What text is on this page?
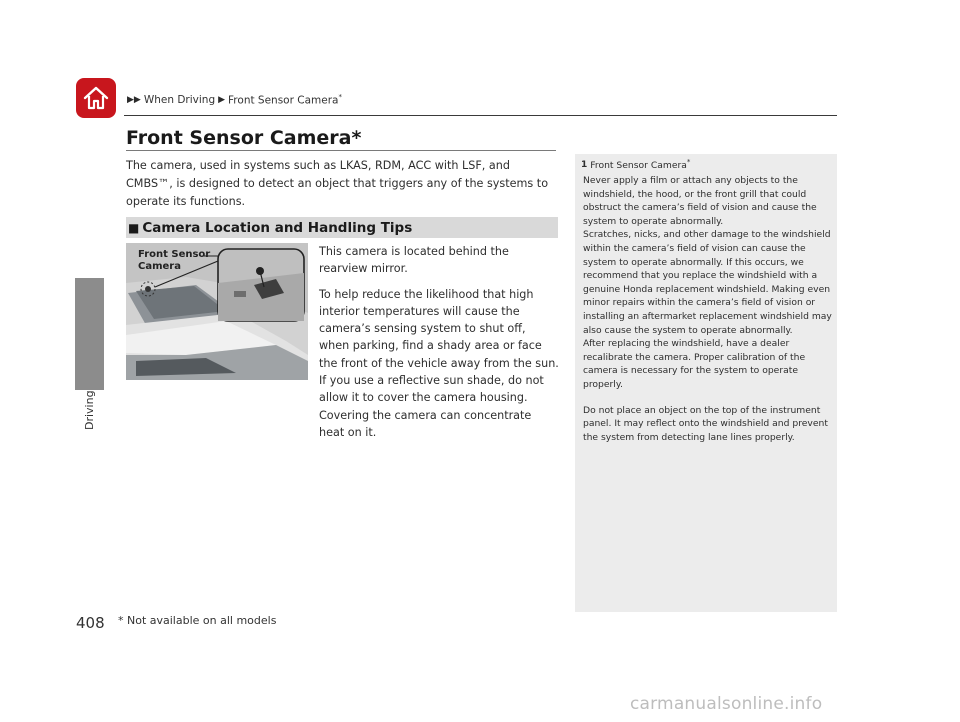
▶▶ When Driving ▶ Front Sensor Camera*
Driving
Front Sensor Camera*

The camera, used in systems such as LKAS, RDM, ACC with LSF, and CMBS™, is designed to detect an object that triggers any of the systems to operate its functions.

■ Camera Location and Handling Tips
Front Sensor
Camera

This camera is located behind the rearview mirror.

To help reduce the likelihood that high interior temperatures will cause the camera’s sensing system to shut off, when parking, find a shady area or face the front of the vehicle away from the sun. If you use a reflective sun shade, do not allow it to cover the camera housing. Covering the camera can concentrate heat on it.

1 Front Sensor Camera*

Never apply a film or attach any objects to the windshield, the hood, or the front grill that could obstruct the camera’s field of vision and cause the system to operate abnormally.

Scratches, nicks, and other damage to the windshield within the camera’s field of vision can cause the system to operate abnormally. If this occurs, we recommend that you replace the windshield with a genuine Honda replacement windshield. Making even minor repairs within the camera’s field of vision or installing an aftermarket replacement windshield may also cause the system to operate abnormally.

After replacing the windshield, have a dealer recalibrate the camera. Proper calibration of the camera is necessary for the system to operate properly.

Do not place an object on the top of the instrument panel. It may reflect onto the windshield and prevent the system from detecting lane lines properly.

408 * Not available on all models
carmanualsonline.info
